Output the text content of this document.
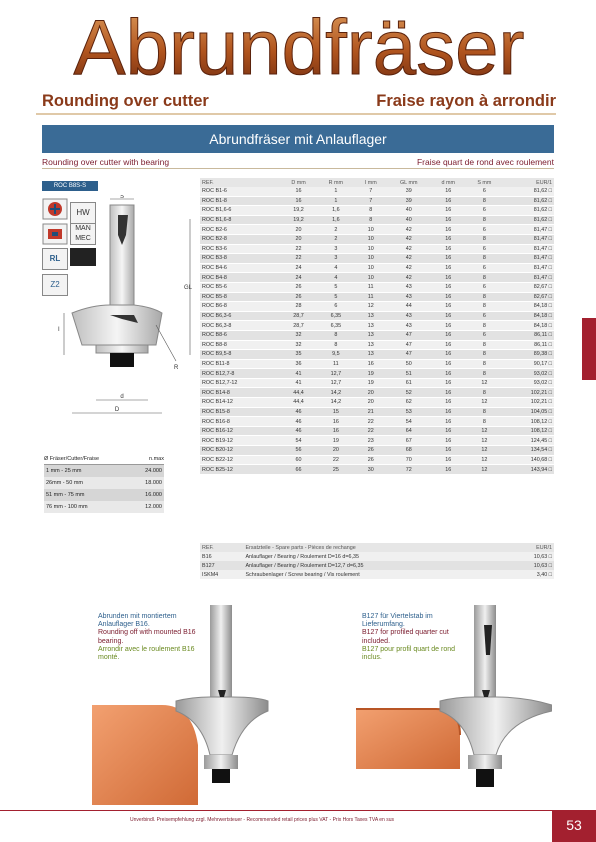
Abrundfräser
Rounding over cutter	Fraise rayon à arrondir
Abrundfräser mit Anlauflager
Rounding over cutter with bearing	Fraise quart de rond avec roulement
ROC B8S-S
HW
MAN MEC
RL
Z2
S
GL
I
R
d
D
REF.	D mm	R mm	I mm	GL mm	d mm	S mm	EUR/1
ROC B1-6	16	1	7	39	16	6	81,62 □
ROC B1-8	16	1	7	39	16	8	81,62 □
ROC B1,6-6	19,2	1,6	8	40	16	6	81,62 □
ROC B1,6-8	19,2	1,6	8	40	16	8	81,62 □
ROC B2-6	20	2	10	42	16	6	81,47 □
ROC B2-8	20	2	10	42	16	8	81,47 □
ROC B3-6	22	3	10	42	16	6	81,47 □
ROC B3-8	22	3	10	42	16	8	81,47 □
ROC B4-6	24	4	10	42	16	6	81,47 □
ROC B4-8	24	4	10	42	16	8	81,47 □
ROC B5-6	26	5	11	43	16	6	82,67 □
ROC B5-8	26	5	11	43	16	8	82,67 □
ROC B6-8	28	6	12	44	16	8	84,18 □
ROC B6,3-6	28,7	6,35	13	43	16	6	84,18 □
ROC B6,3-8	28,7	6,35	13	43	16	8	84,18 □
ROC B8-6	32	8	13	47	16	6	86,11 □
ROC B8-8	32	8	13	47	16	8	86,11 □
ROC B9,5-8	35	9,5	13	47	16	8	89,38 □
ROC B11-8	36	11	16	50	16	8	90,17 □
ROC B12,7-8	41	12,7	19	51	16	8	93,02 □
ROC B12,7-12	41	12,7	19	61	16	12	93,02 □
ROC B14-8	44,4	14,2	20	52	16	8	102,21 □
ROC B14-12	44,4	14,2	20	62	16	12	102,21 □
ROC B15-8	46	15	21	53	16	8	104,05 □
ROC B16-8	46	16	22	54	16	8	108,12 □
ROC B16-12	46	16	22	64	16	12	108,12 □
ROC B19-12	54	19	23	67	16	12	124,45 □
ROC B20-12	56	20	26	68	16	12	134,54 □
ROC B22-12	60	22	26	70	16	12	140,68 □
ROC B25-12	66	25	30	72	16	12	143,94 □
Ø Fräser/Cutter/Fraise	n.max
1 mm - 25 mm	24.000
26mm - 50 mm	18.000
51 mm - 75 mm	16.000
76 mm - 100 mm	12.000
REF.	Ersatzteile - Spare parts - Pièces de rechange	EUR/1
B16	Anlauflager / Bearing / Roulement D=16 d=6,35	10,63 □
B127	Anlauflager / Bearing / Roulement D=12,7 d=6,35	10,63 □
ISKM4	Schraubenlager / Screw bearing / Vis roulement	3,40 □
Abrunden mit montiertem Anlauflager B16.
Rounding off with mounted B16 bearing.
Arrondir avec le roulement B16 monté.
B127 für Viertelstab im Lieferumfang.
B127 for profiled quarter cut included.
B127 pour profil quart de rond inclus.
Unverbindl. Preisempfehlung zzgl. Mehrwertsteuer - Recommended retail prices plus VAT - Prix Hors Taxes TVA en sus	53
